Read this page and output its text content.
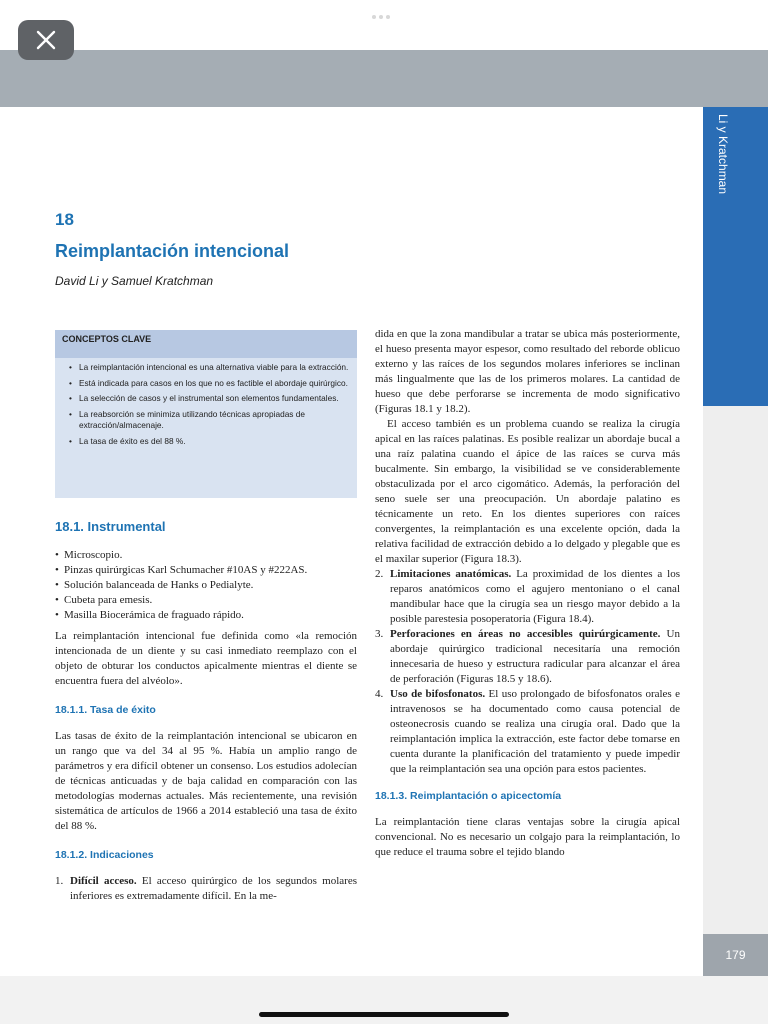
Li y Kratchman
179
18
Reimplantación intencional
David Li y Samuel Kratchman
CONCEPTOS CLAVE
• La reimplantación intencional es una alternativa viable para la extracción.
• Está indicada para casos en los que no es factible el abordaje quirúrgico.
• La selección de casos y el instrumental son elementos fundamentales.
• La reabsorción se minimiza utilizando técnicas apropiadas de extracción/almacenaje.
• La tasa de éxito es del 88 %.
18.1. Instrumental
• Microscopio.
• Pinzas quirúrgicas Karl Schumacher #10AS y #222AS.
• Solución balanceada de Hanks o Pedialyte.
• Cubeta para emesis.
• Masilla Biocerámica de fraguado rápido.

La reimplantación intencional fue definida como «la remoción intencionada de un diente y su casi inmediato reemplazo con el objeto de obturar los conductos apicalmente mientras el diente se encuentra fuera del alvéolo».

18.1.1. Tasa de éxito

Las tasas de éxito de la reimplantación intencional se ubicaron en un rango que va del 34 al 95 %. Había un amplio rango de parámetros y era difícil obtener un consenso. Los estudios adolecían de técnicas anticuadas y de baja calidad en comparación con las metodologías modernas actuales. Más recientemente, una revisión sistemática de artículos de 1966 a 2014 estableció una tasa de éxito del 88 %.

18.1.2. Indicaciones
1. Difícil acceso. El acceso quirúrgico de los segundos molares inferiores es extremadamente difícil. En la me-

dida en que la zona mandibular a tratar se ubica más posteriormente, el hueso presenta mayor espesor, como resultado del reborde oblicuo externo y las raíces de los segundos molares inferiores se inclinan más lingualmente que las de los primeros molares. La cantidad de hueso que debe perforarse se incrementa de modo significativo (Figuras 18.1 y 18.2).

El acceso también es un problema cuando se realiza la cirugía apical en las raíces palatinas. Es posible realizar un abordaje bucal a una raíz palatina cuando el ápice de las raíces se curva más bucalmente. Sin embargo, la visibilidad se ve considerablemente obstaculizada por el arco cigomático. Además, la perforación del seno suele ser una preocupación. Un abordaje palatino es técnicamente un reto. En los dientes superiores con raíces convergentes, la reimplantación es una excelente opción, dada la relativa facilidad de extracción debido a lo delgado y plegable que es el maxilar superior (Figura 18.3).

2. Limitaciones anatómicas. La proximidad de los dientes a los reparos anatómicos como el agujero mentoniano o el canal mandibular hace que la cirugía sea un riesgo mayor debido a la posible parestesia posoperatoria (Figura 18.4).
3. Perforaciones en áreas no accesibles quirúrgicamente. Un abordaje quirúrgico tradicional necesitaría una remoción innecesaria de hueso y estructura radicular para alcanzar el área de perforación (Figuras 18.5 y 18.6).
4. Uso de bifosfonatos. El uso prolongado de bifosfonatos orales e intravenosos se ha documentado como causa potencial de osteonecrosis cuando se realiza una cirugía oral. Dado que la reimplantación implica la extracción, este factor debe tomarse en cuenta durante la planificación del tratamiento y puede impedir que la reimplantación sea una opción para estos pacientes.
18.1.3. Reimplantación o apicectomía

La reimplantación tiene claras ventajas sobre la cirugía apical convencional. No es necesario un colgajo para la reimplantación, lo que reduce el trauma sobre el tejido blando
